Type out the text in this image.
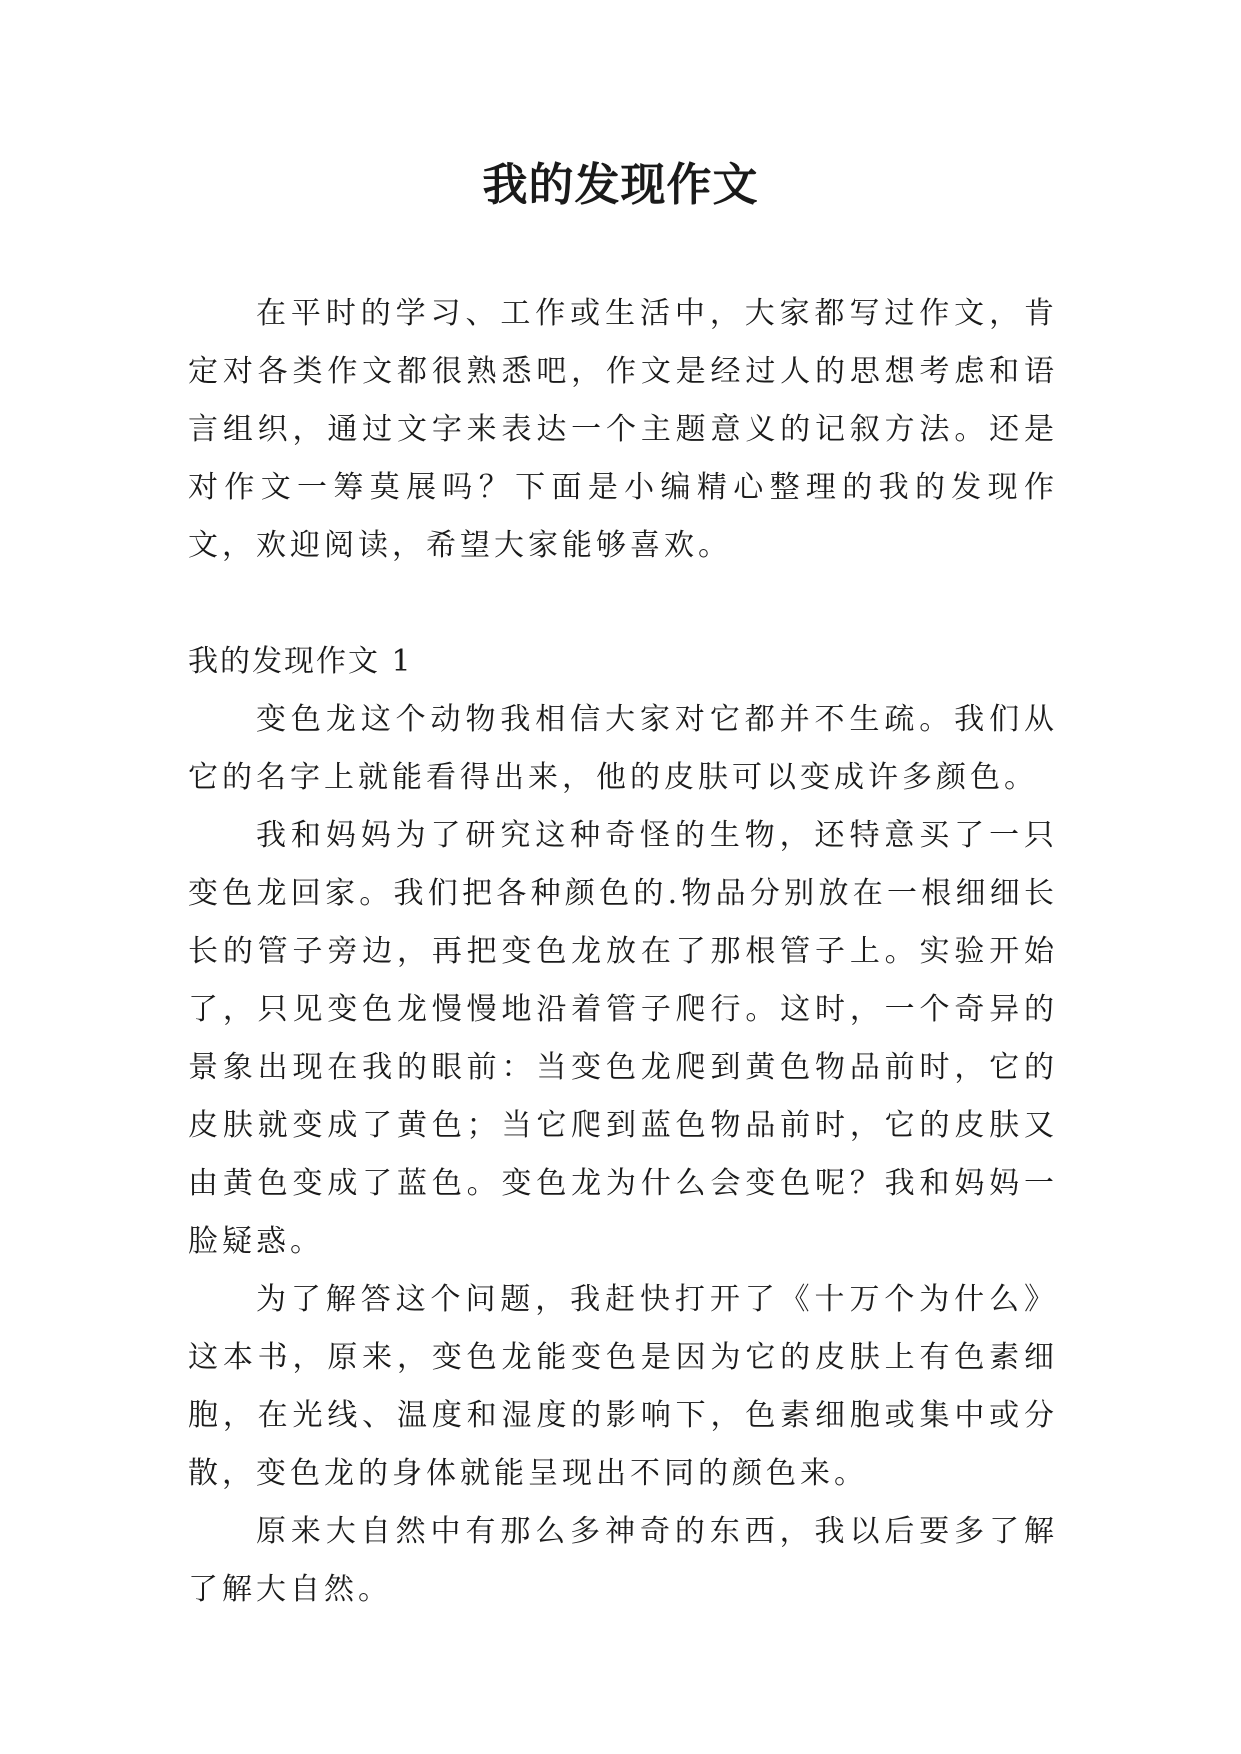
我的发现作文

在平时的学习、工作或生活中，大家都写过作文，肯定对各类作文都很熟悉吧，作文是经过人的思想考虑和语言组织，通过文字来表达一个主题意义的记叙方法。还是对作文一筹莫展吗？下面是小编精心整理的我的发现作文，欢迎阅读，希望大家能够喜欢。

我的发现作文 1

变色龙这个动物我相信大家对它都并不生疏。我们从它的名字上就能看得出来，他的皮肤可以变成许多颜色。

我和妈妈为了研究这种奇怪的生物，还特意买了一只变色龙回家。我们把各种颜色的.物品分别放在一根细细长长的管子旁边，再把变色龙放在了那根管子上。实验开始了，只见变色龙慢慢地沿着管子爬行。这时，一个奇异的景象出现在我的眼前：当变色龙爬到黄色物品前时，它的皮肤就变成了黄色；当它爬到蓝色物品前时，它的皮肤又由黄色变成了蓝色。变色龙为什么会变色呢？我和妈妈一脸疑惑。

为了解答这个问题，我赶快打开了《十万个为什么》这本书，原来，变色龙能变色是因为它的皮肤上有色素细胞，在光线、温度和湿度的影响下，色素细胞或集中或分散，变色龙的身体就能呈现出不同的颜色来。

原来大自然中有那么多神奇的东西，我以后要多了解了解大自然。
